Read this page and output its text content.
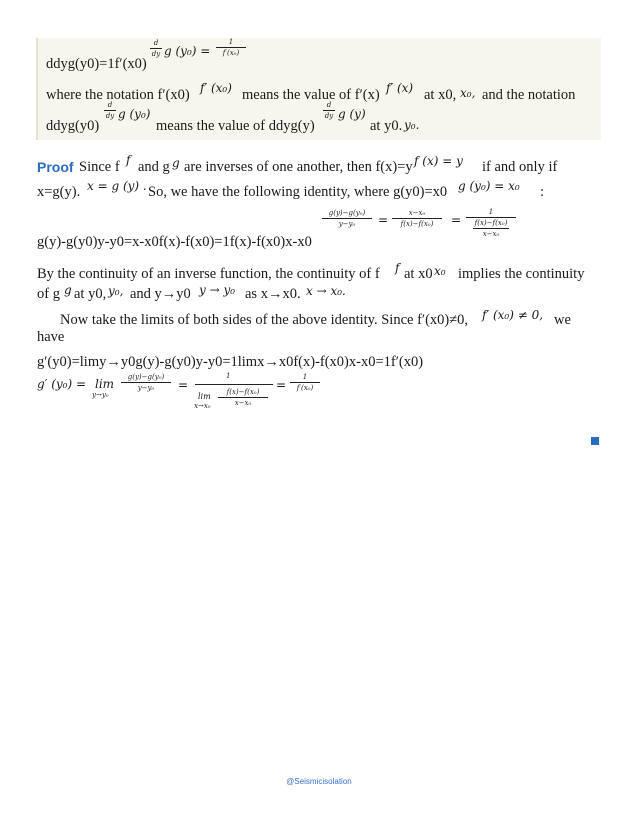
ddyg(y0)=1f′(x0)
$\frac{d}{dy}$ g $(y_0) = \frac{1}{\text{f′(x₀)}}$
where the notation f′(x0) f′ (x₀) means the value of f′(x) f′ (x) at x0, x₀, and the notation
ddyg(y0)
$\frac{d}{dy}$ g (y₀)
means the value of ddyg(y)
$\frac{d}{dy}$ g (y)
at y0. y₀.
Proof Since f f and g g are inverses of one another, then f(x)=y f (x) = y if and only if
x=g(y). x = g (y) . So, we have the following identity, where g(y0)=x0 g (y₀) = x₀ :
$\frac{\text{g(y)−g(y₀)}}{\text{y−y₀}} = \frac{\text{x−x₀}}{\text{f(x)−f(x₀)}} = \frac{1}{\frac{\text{f(x)−f(x₀)}}{\text{x−x₀}}}$
g(y)-g(y0)y-y0=x-x0f(x)-f(x0)=1f(x)-f(x0)x-x0
By the continuity of an inverse function, the continuity of f f at x0 x₀ implies the continuity
of g g at y0, y₀, and y→y0 y → y₀ as x→x0. x → x₀.
Now take the limits of both sides of the above identity. Since f′(x0)≠0, f′ (x₀) ≠ 0, we
have
g′(y0)=limy→y0g(y)-g(y0)y-y0=1limx→x0f(x)-f(x0)x-x0=1f′(x0)
g′ (y₀) = lim
y→y₀
$\frac{\text{g(y)−g(y₀)}}{\text{y−y₀}}$ =
1
lim
$x\to x_0 \frac{\text{f(x)−f(x₀)}}{\text{x−x₀}}$
= $\frac{1}{\text{f′(x₀)}}$
@Seismicisolation
